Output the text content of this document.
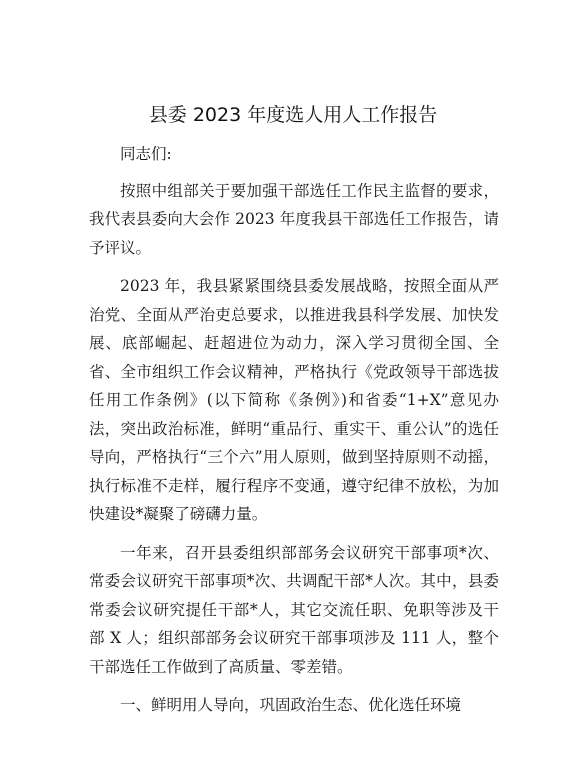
县委 2023 年度选人用人工作报告

同志们:

按照中组部关于要加强干部选任工作民主监督的要求，我代表县委向大会作 2023 年度我县干部选任工作报告，请予评议。

2023 年，我县紧紧围绕县委发展战略，按照全面从严治党、全面从严治吏总要求，以推进我县科学发展、加快发展、底部崛起、赶超进位为动力，深入学习贯彻全国、全省、全市组织工作会议精神，严格执行《党政领导干部选拔任用工作条例》(以下简称《条例》)和省委“1+X”意见办法，突出政治标准，鲜明“重品行、重实干、重公认”的选任导向，严格执行“三个六”用人原则，做到坚持原则不动摇，执行标准不走样，履行程序不变通，遵守纪律不放松，为加快建设*凝聚了磅礴力量。

一年来，召开县委组织部部务会议研究干部事项*次、常委会议研究干部事项*次、共调配干部*人次。其中，县委常委会议研究提任干部*人，其它交流任职、免职等涉及干部 X 人；组织部部务会议研究干部事项涉及 111 人，整个干部选任工作做到了高质量、零差错。

一、鲜明用人导向，巩固政治生态、优化选任环境
